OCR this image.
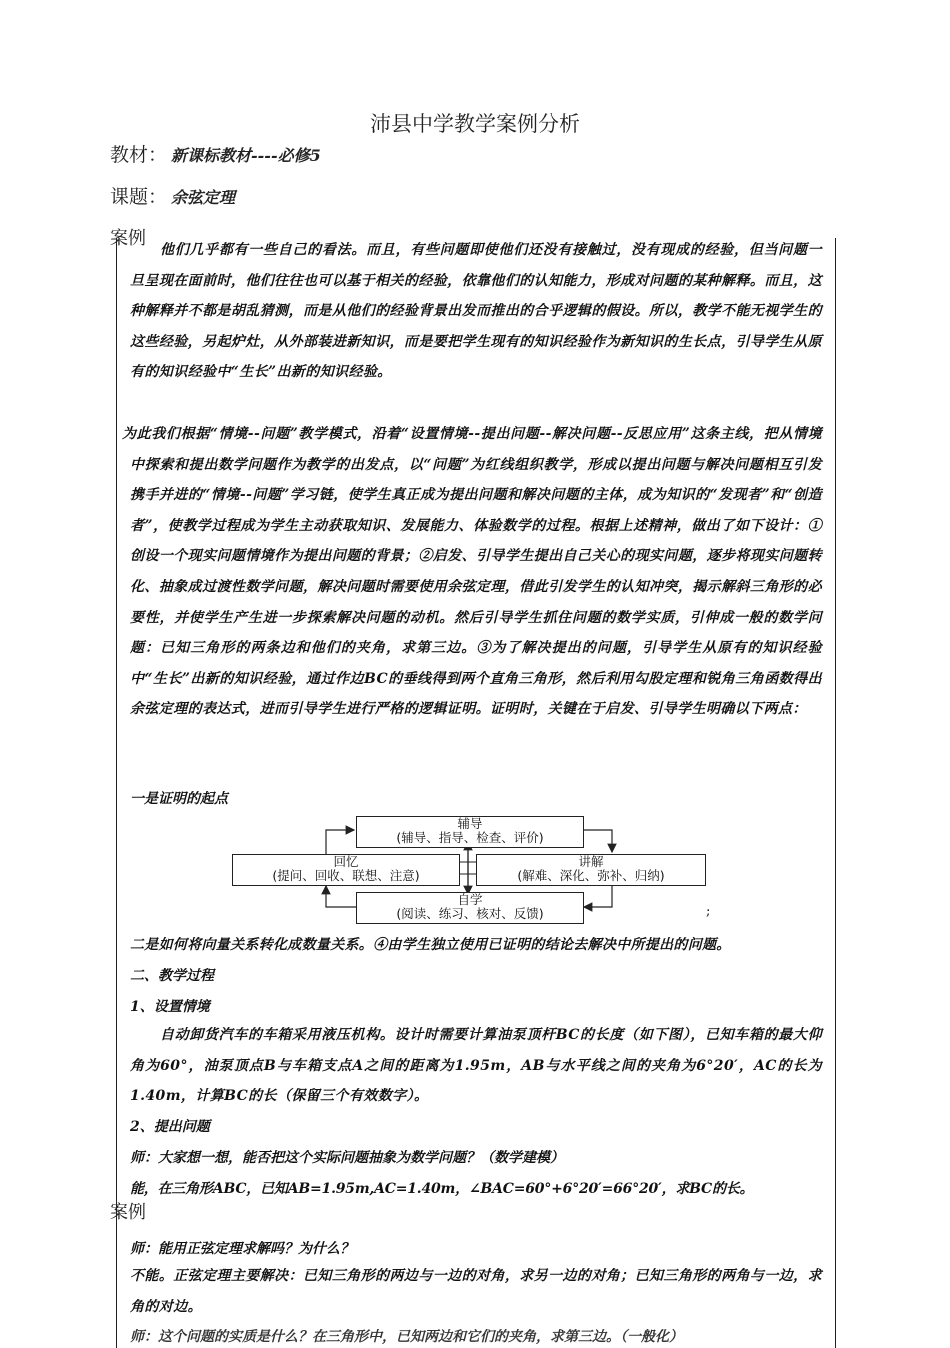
沛县中学教学案例分析
教材： 新课标教材----必修5
课题： 余弦定理
案例
他们几乎都有一些自己的看法。而且，有些问题即使他们还没有接触过，没有现成的经验，但当问题一旦呈现在面前时，他们往往也可以基于相关的经验，依靠他们的认知能力，形成对问题的某种解释。而且，这种解释并不都是胡乱猜测，而是从他们的经验背景出发而推出的合乎逻辑的假设。所以，教学不能无视学生的这些经验，另起炉灶，从外部装进新知识，而是要把学生现有的知识经验作为新知识的生长点，引导学生从原有的知识经验中“生长”出新的知识经验。
为此我们根据“情境--问题”教学模式，沿着“设置情境--提出问题--解决问题--反思应用”这条主线，把从情境中探索和提出数学问题作为教学的出发点，以“问题”为红线组织教学，形成以提出问题与解决问题相互引发携手并进的“情境--问题”学习链，使学生真正成为提出问题和解决问题的主体，成为知识的“发现者”和“创造者”，使教学过程成为学生主动获取知识、发展能力、体验数学的过程。根据上述精神，做出了如下设计：①创设一个现实问题情境作为提出问题的背景；②启发、引导学生提出自己关心的现实问题，逐步将现实问题转化、抽象成过渡性数学问题，解决问题时需要使用余弦定理，借此引发学生的认知冲突，揭示解斜三角形的必要性，并使学生产生进一步探索解决问题的动机。然后引导学生抓住问题的数学实质，引伸成一般的数学问题：已知三角形的两条边和他们的夹角，求第三边。③为了解决提出的问题，引导学生从原有的知识经验中“生长”出新的知识经验，通过作边BC的垂线得到两个直角三角形，然后利用勾股定理和锐角三角函数得出余弦定理的表达式，进而引导学生进行严格的逻辑证明。证明时，关键在于启发、引导学生明确以下两点：
一是证明的起点
辅导
(辅导、指导、检查、评价)
回忆
(提问、回收、联想、注意)
讲解
(解难、深化、弥补、归纳)
自学
(阅读、练习、核对、反馈)	;
二是如何将向量关系转化成数量关系。④由学生独立使用已证明的结论去解决中所提出的问题。
二、教学过程
1、设置情境
自动卸货汽车的车箱采用液压机构。设计时需要计算油泵顶杆BC的长度（如下图），已知车箱的最大仰角为60°，油泵顶点B与车箱支点A之间的距离为1.95m，AB与水平线之间的夹角为6°20′，AC的长为1.40m，计算BC的长（保留三个有效数字）。
2、提出问题
师：大家想一想，能否把这个实际问题抽象为数学问题？（数学建模）
能，在三角形ABC，已知AB=1.95m,AC=1.40m，∠BAC=60°+6°20′=66°20′，求BC的长。
案例
师：能用正弦定理求解吗？为什么？
不能。正弦定理主要解决：已知三角形的两边与一边的对角，求另一边的对角；已知三角形的两角与一边，求角的对边。
师：这个问题的实质是什么？在三角形中，已知两边和它们的夹角，求第三边。（一般化）
